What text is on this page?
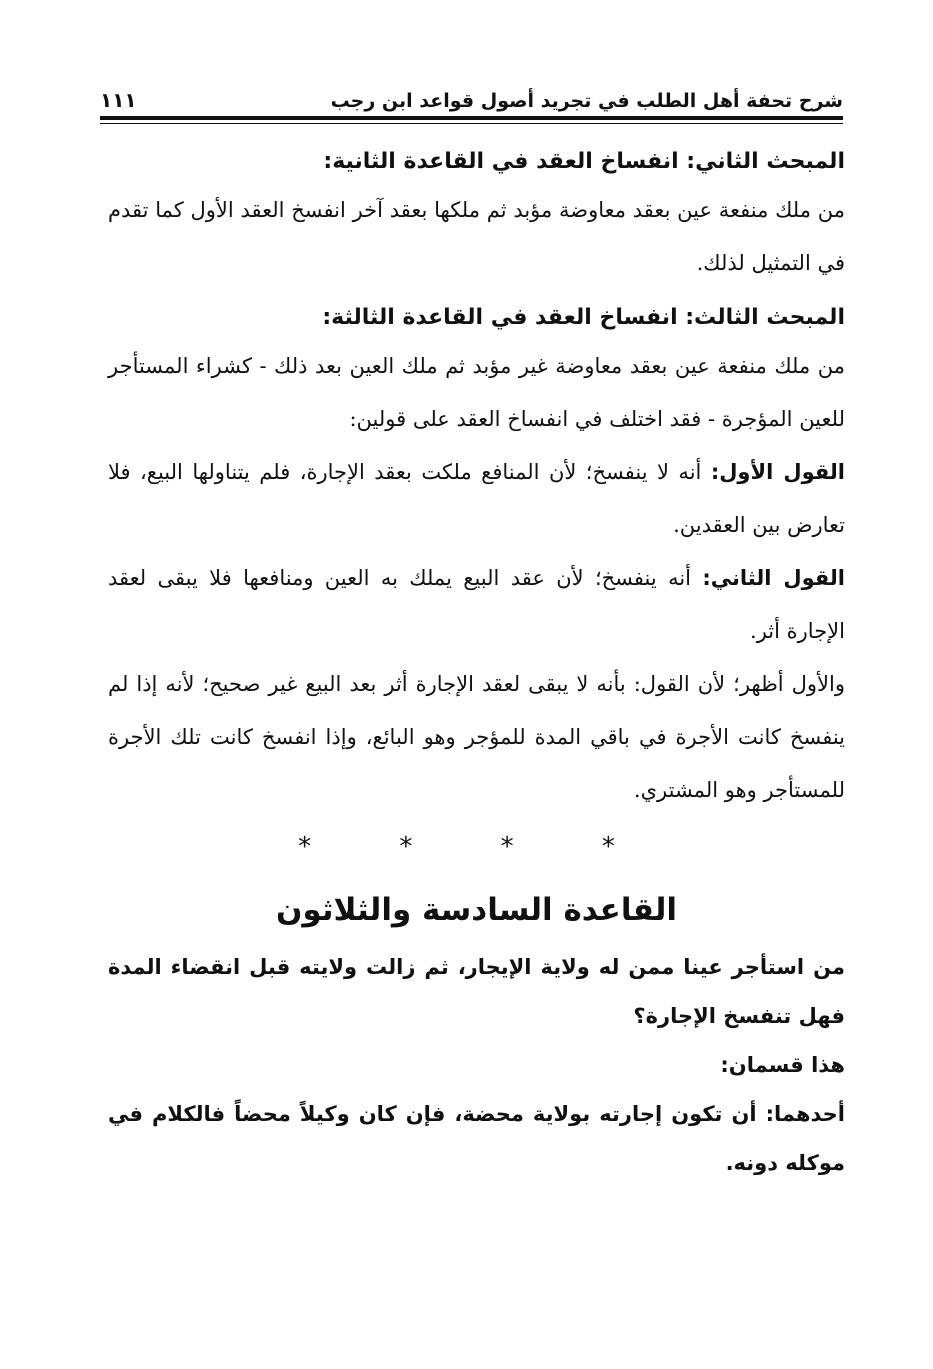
شرح تحفة أهل الطلب في تجريد أصول قواعد ابن رجب
١١١
المبحث الثاني: انفساخ العقد في القاعدة الثانية:

من ملك منفعة عين بعقد معاوضة مؤبد ثم ملكها بعقد آخر انفسخ العقد الأول كما تقدم في التمثيل لذلك.

المبحث الثالث: انفساخ العقد في القاعدة الثالثة:

من ملك منفعة عين بعقد معاوضة غير مؤبد ثم ملك العين بعد ذلك - كشراء المستأجر للعين المؤجرة - فقد اختلف في انفساخ العقد على قولين:

القول الأول: أنه لا ينفسخ؛ لأن المنافع ملكت بعقد الإجارة، فلم يتناولها البيع، فلا تعارض بين العقدين.

القول الثاني: أنه ينفسخ؛ لأن عقد البيع يملك به العين ومنافعها فلا يبقى لعقد الإجارة أثر.

والأول أظهر؛ لأن القول: بأنه لا يبقى لعقد الإجارة أثر بعد البيع غير صحيح؛ لأنه إذا لم ينفسخ كانت الأجرة في باقي المدة للمؤجر وهو البائع، وإذا انفسخ كانت تلك الأجرة للمستأجر وهو المشتري.

* * * *
القاعدة السادسة والثلاثون

من استأجر عينا ممن له ولاية الإيجار، ثم زالت ولايته قبل انقضاء المدة فهل تنفسخ الإجارة؟

هذا قسمان:

أحدهما: أن تكون إجارته بولاية محضة، فإن كان وكيلاً محضاً فالكلام في موكله دونه.
